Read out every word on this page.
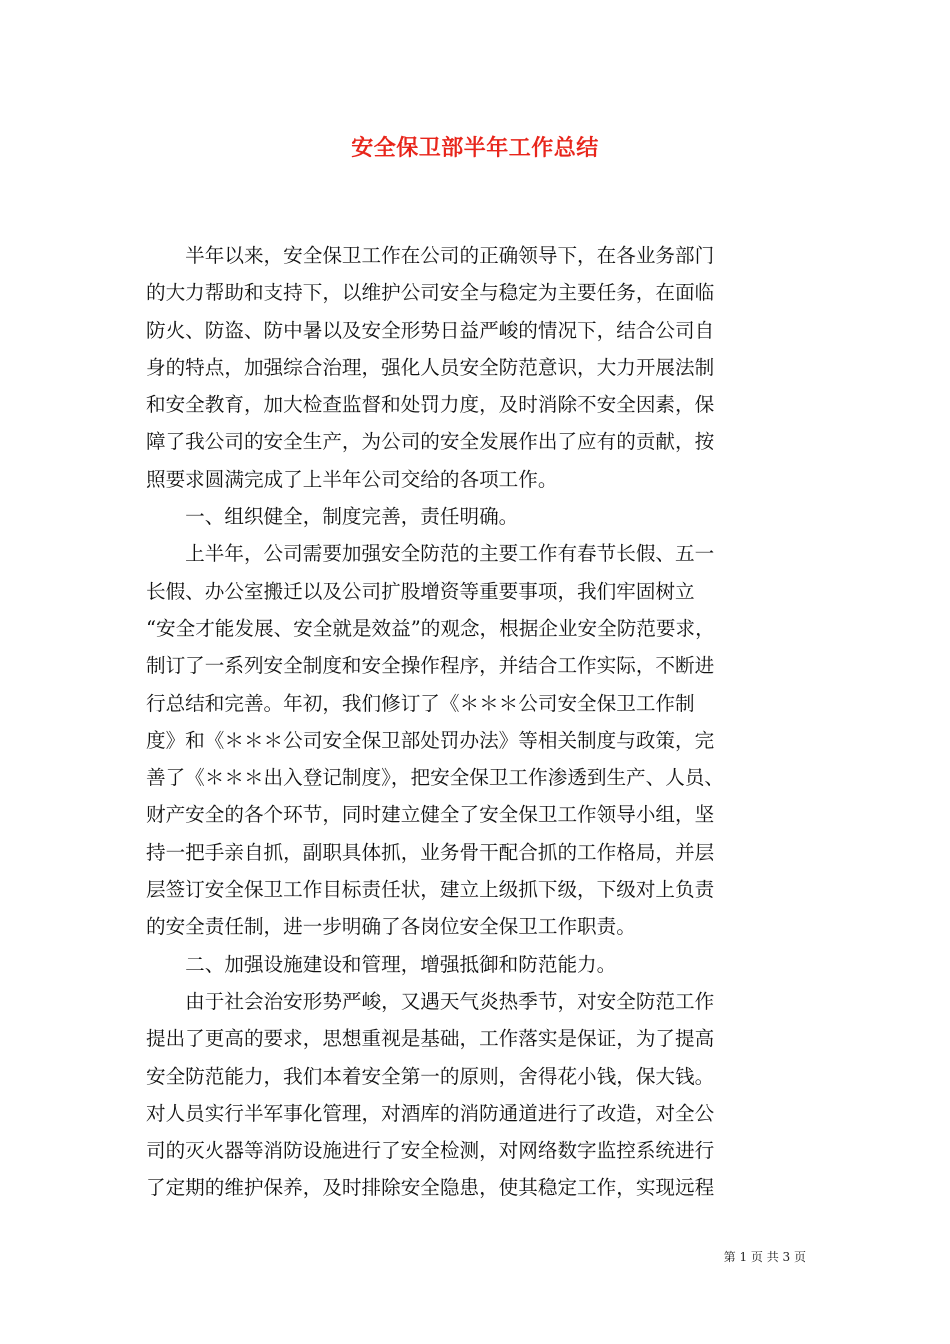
安全保卫部半年工作总结
　　半年以来，安全保卫工作在公司的正确领导下，在各业务部门
的大力帮助和支持下，以维护公司安全与稳定为主要任务，在面临
防火、防盗、防中暑以及安全形势日益严峻的情况下，结合公司自
身的特点，加强综合治理，强化人员安全防范意识，大力开展法制
和安全教育，加大检查监督和处罚力度，及时消除不安全因素，保
障了我公司的安全生产，为公司的安全发展作出了应有的贡献，按
照要求圆满完成了上半年公司交给的各项工作。
　　一、组织健全，制度完善，责任明确。
　　上半年，公司需要加强安全防范的主要工作有春节长假、五一
长假、办公室搬迁以及公司扩股增资等重要事项，我们牢固树立
“安全才能发展、安全就是效益”的观念，根据企业安全防范要求，
制订了一系列安全制度和安全操作程序，并结合工作实际，不断进
行总结和完善。年初，我们修订了《＊＊＊公司安全保卫工作制
度》和《＊＊＊公司安全保卫部处罚办法》等相关制度与政策，完
善了《＊＊＊出入登记制度》，把安全保卫工作渗透到生产、人员、
财产安全的各个环节，同时建立健全了安全保卫工作领导小组，坚
持一把手亲自抓，副职具体抓，业务骨干配合抓的工作格局，并层
层签订安全保卫工作目标责任状，建立上级抓下级，下级对上负责
的安全责任制，进一步明确了各岗位安全保卫工作职责。
　　二、加强设施建设和管理，增强抵御和防范能力。
　　由于社会治安形势严峻，又遇天气炎热季节，对安全防范工作
提出了更高的要求，思想重视是基础，工作落实是保证，为了提高
安全防范能力，我们本着安全第一的原则，舍得花小钱，保大钱。
对人员实行半军事化管理，对酒库的消防通道进行了改造，对全公
司的灭火器等消防设施进行了安全检测，对网络数字监控系统进行
了定期的维护保养，及时排除安全隐患，使其稳定工作，实现远程
第 1 页 共 3 页
